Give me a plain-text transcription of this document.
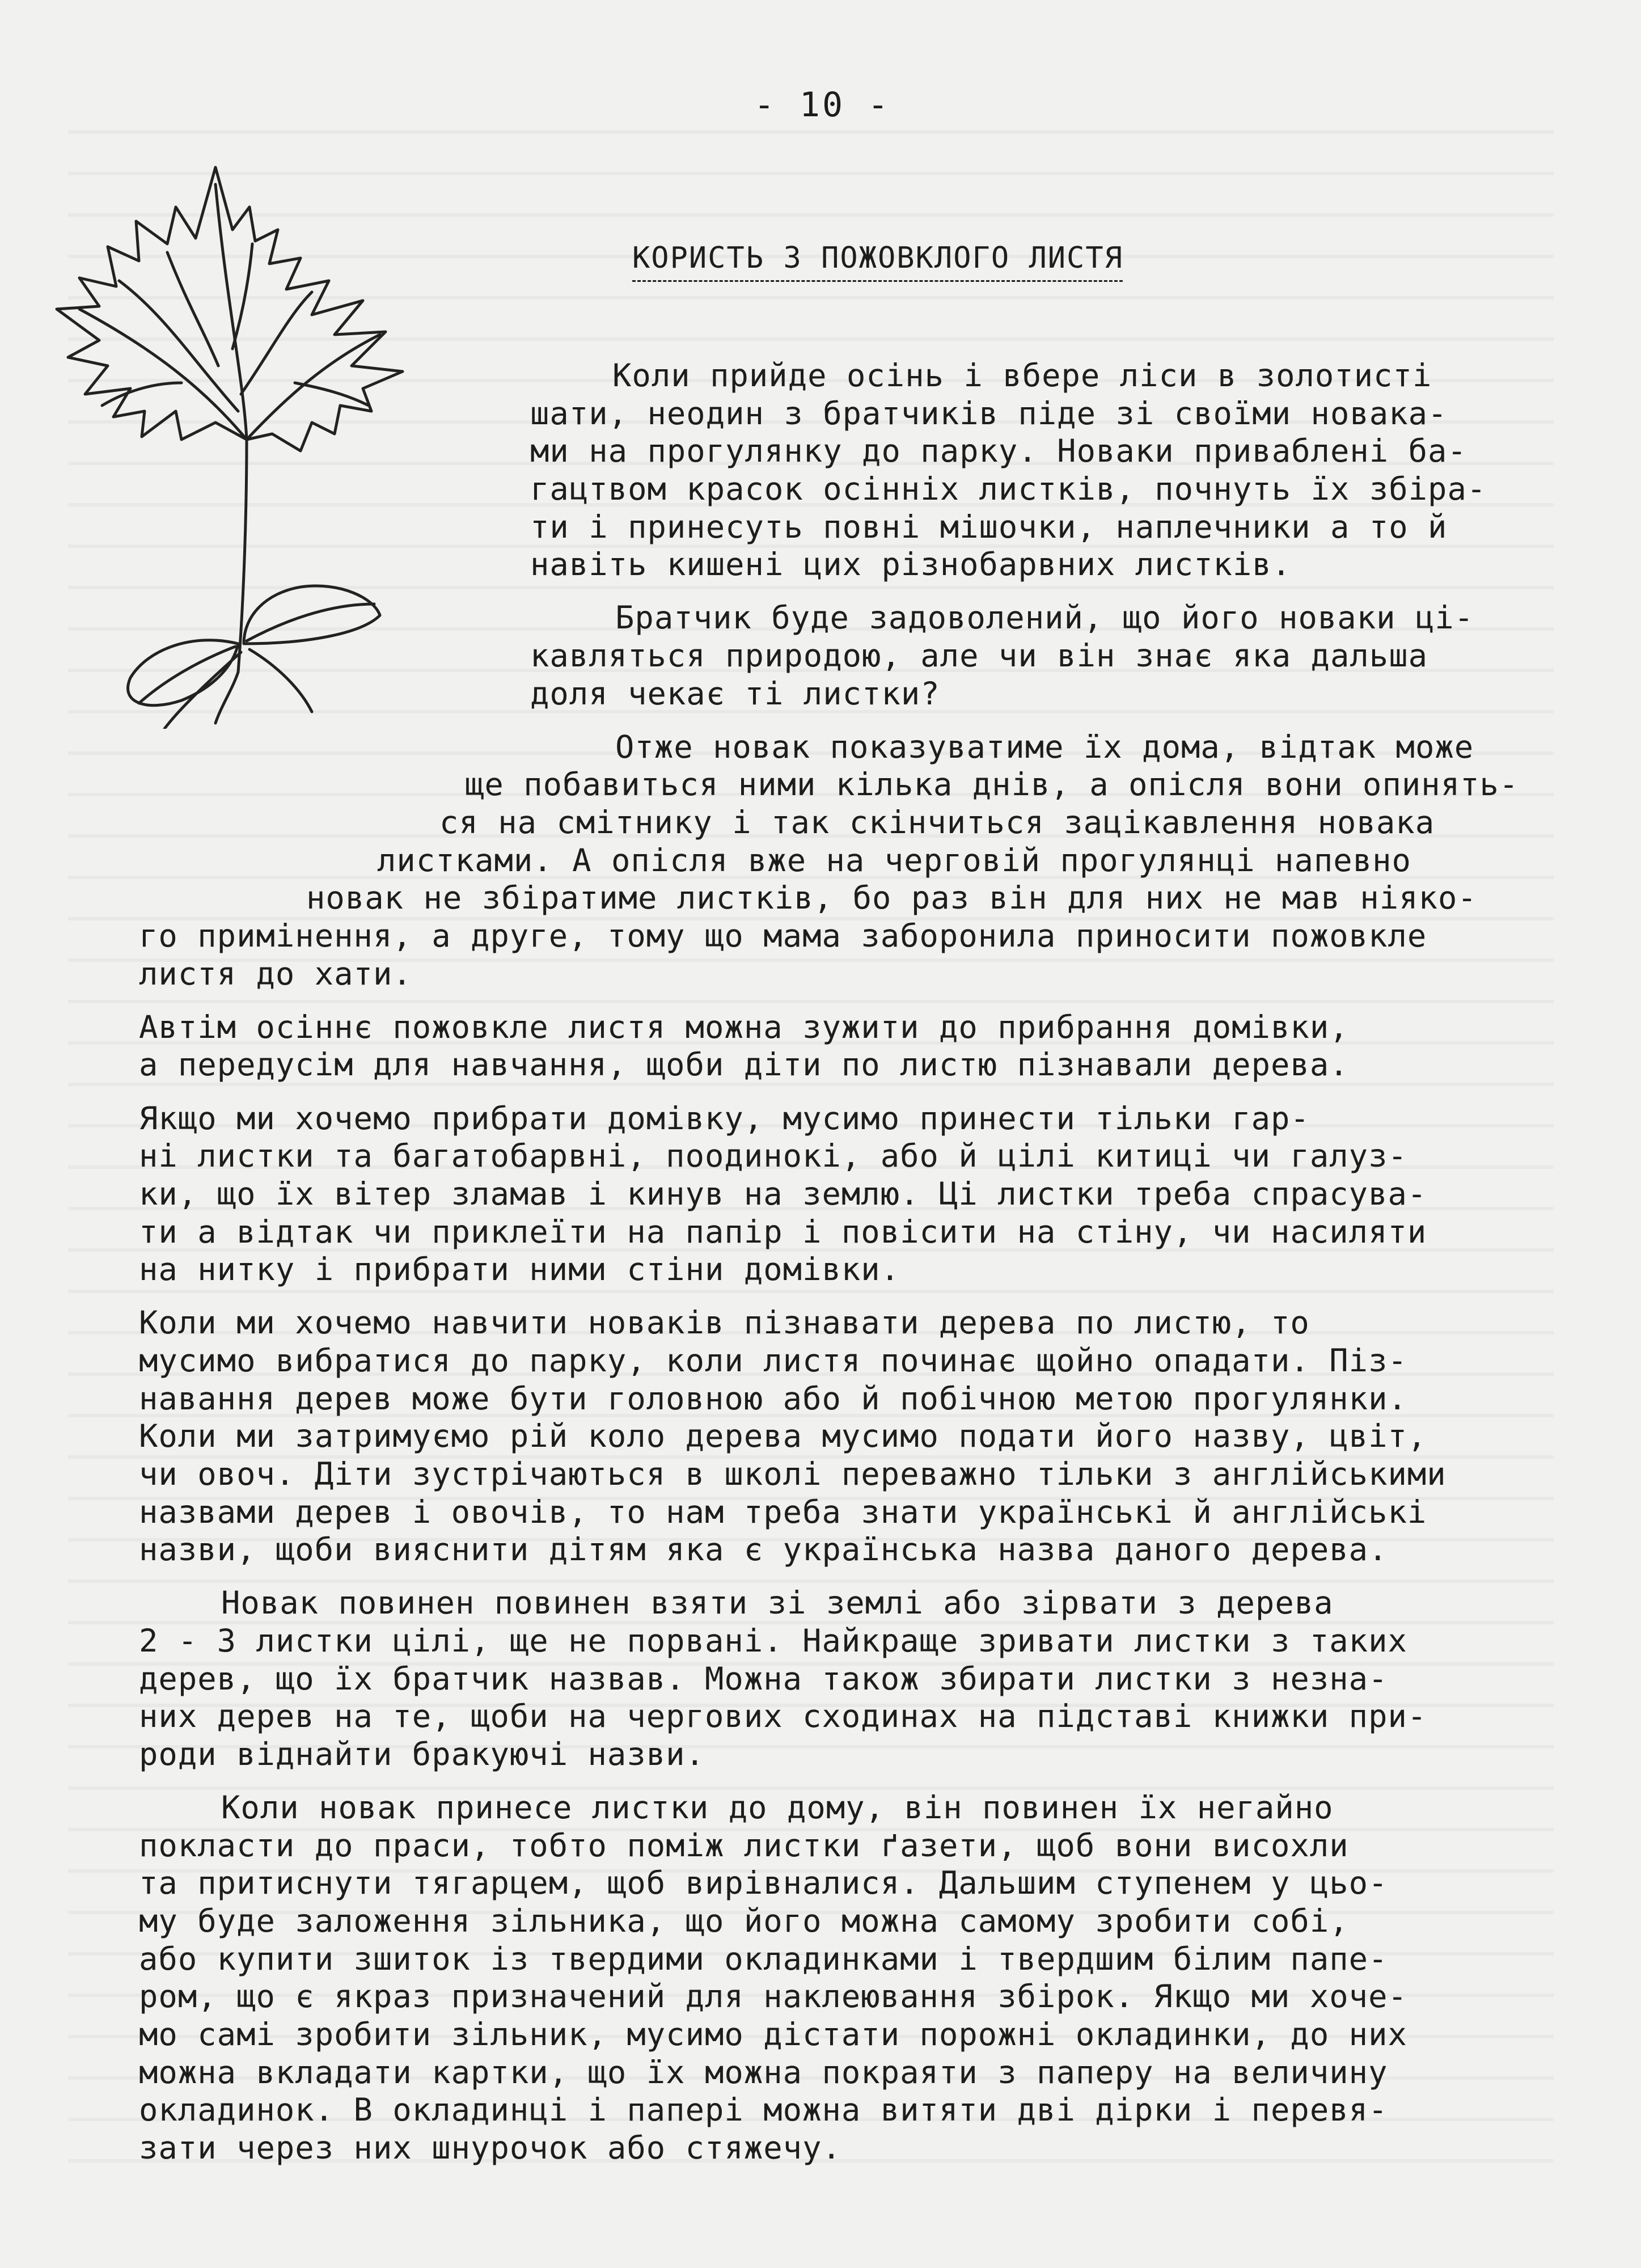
- 10 -
КОРИСТЬ З ПОЖОВКЛОГО ЛИСТЯ
Коли прийде осінь і вбере ліси в золотисті
шати, неодин з братчиків піде зі своїми новака-
ми на прогулянку до парку. Новаки приваблені ба-
гацтвом красок осінніх листків, почнуть їх збіра-
ти і принесуть повні мішочки, наплечники а то й
навіть кишені цих різнобарвних листків.
Братчик буде задоволений, що його новаки ці-
кавляться природою, але чи він знає яка дальша
доля чекає ті листки?
Отже новак показуватиме їх дома, відтак може
ще побавиться ними кілька днів, а опісля вони опинять-
ся на смітнику і так скінчиться зацікавлення новака
листками. А опісля вже на черговій прогулянці напевно
новак не збіратиме листків, бо раз він для них не мав ніяко-
го примінення, а друге, тому що мама заборонила приносити пожовкле
листя до хати.
Автім осіннє пожовкле листя можна зужити до прибрання домівки,
а передусім для навчання, щоби діти по листю пізнавали дерева.
Якщо ми хочемо прибрати домівку, мусимо принести тільки гар-
ні листки та багатобарвні, поодинокі, або й цілі китиці чи галуз-
ки, що їх вітер зламав і кинув на землю. Ці листки треба спрасува-
ти а відтак чи приклеїти на папір і повісити на стіну, чи насиляти
на нитку і прибрати ними стіни домівки.
Коли ми хочемо навчити новаків пізнавати дерева по листю, то
мусимо вибратися до парку, коли листя починає щойно опадати. Піз-
навання дерев може бути головною або й побічною метою прогулянки.
Коли ми затримуємо рій коло дерева мусимо подати його назву, цвіт,
чи овоч. Діти зустрічаються в школі переважно тільки з англійськими
назвами дерев і овочів, то нам треба знати українські й англійські
назви, щоби вияснити дітям яка є українська назва даного дерева.
Новак повинен повинен взяти зі землі або зірвати з дерева
2 - 3 листки цілі, ще не порвані. Найкраще зривати листки з таких
дерев, що їх братчик назвав. Можна також збирати листки з незна-
них дерев на те, щоби на чергових сходинах на підставі книжки при-
роди віднайти бракуючі назви.
Коли новак принесе листки до дому, він повинен їх негайно
покласти до праси, тобто поміж листки ґазети, щоб вони висохли
та притиснути тягарцем, щоб вирівналися. Дальшим ступенем у цьо-
му буде заложення зільника, що його можна самому зробити собі,
або купити зшиток із твердими окладинками і твердшим білим папе-
ром, що є якраз призначений для наклеювання збірок. Якщо ми хоче-
мо самі зробити зільник, мусимо дістати порожні окладинки, до них
можна вкладати картки, що їх можна покраяти з паперу на величину
окладинок. В окладинці і папері можна витяти дві дірки і перевя-
зати через них шнурочок або стяжечу.
